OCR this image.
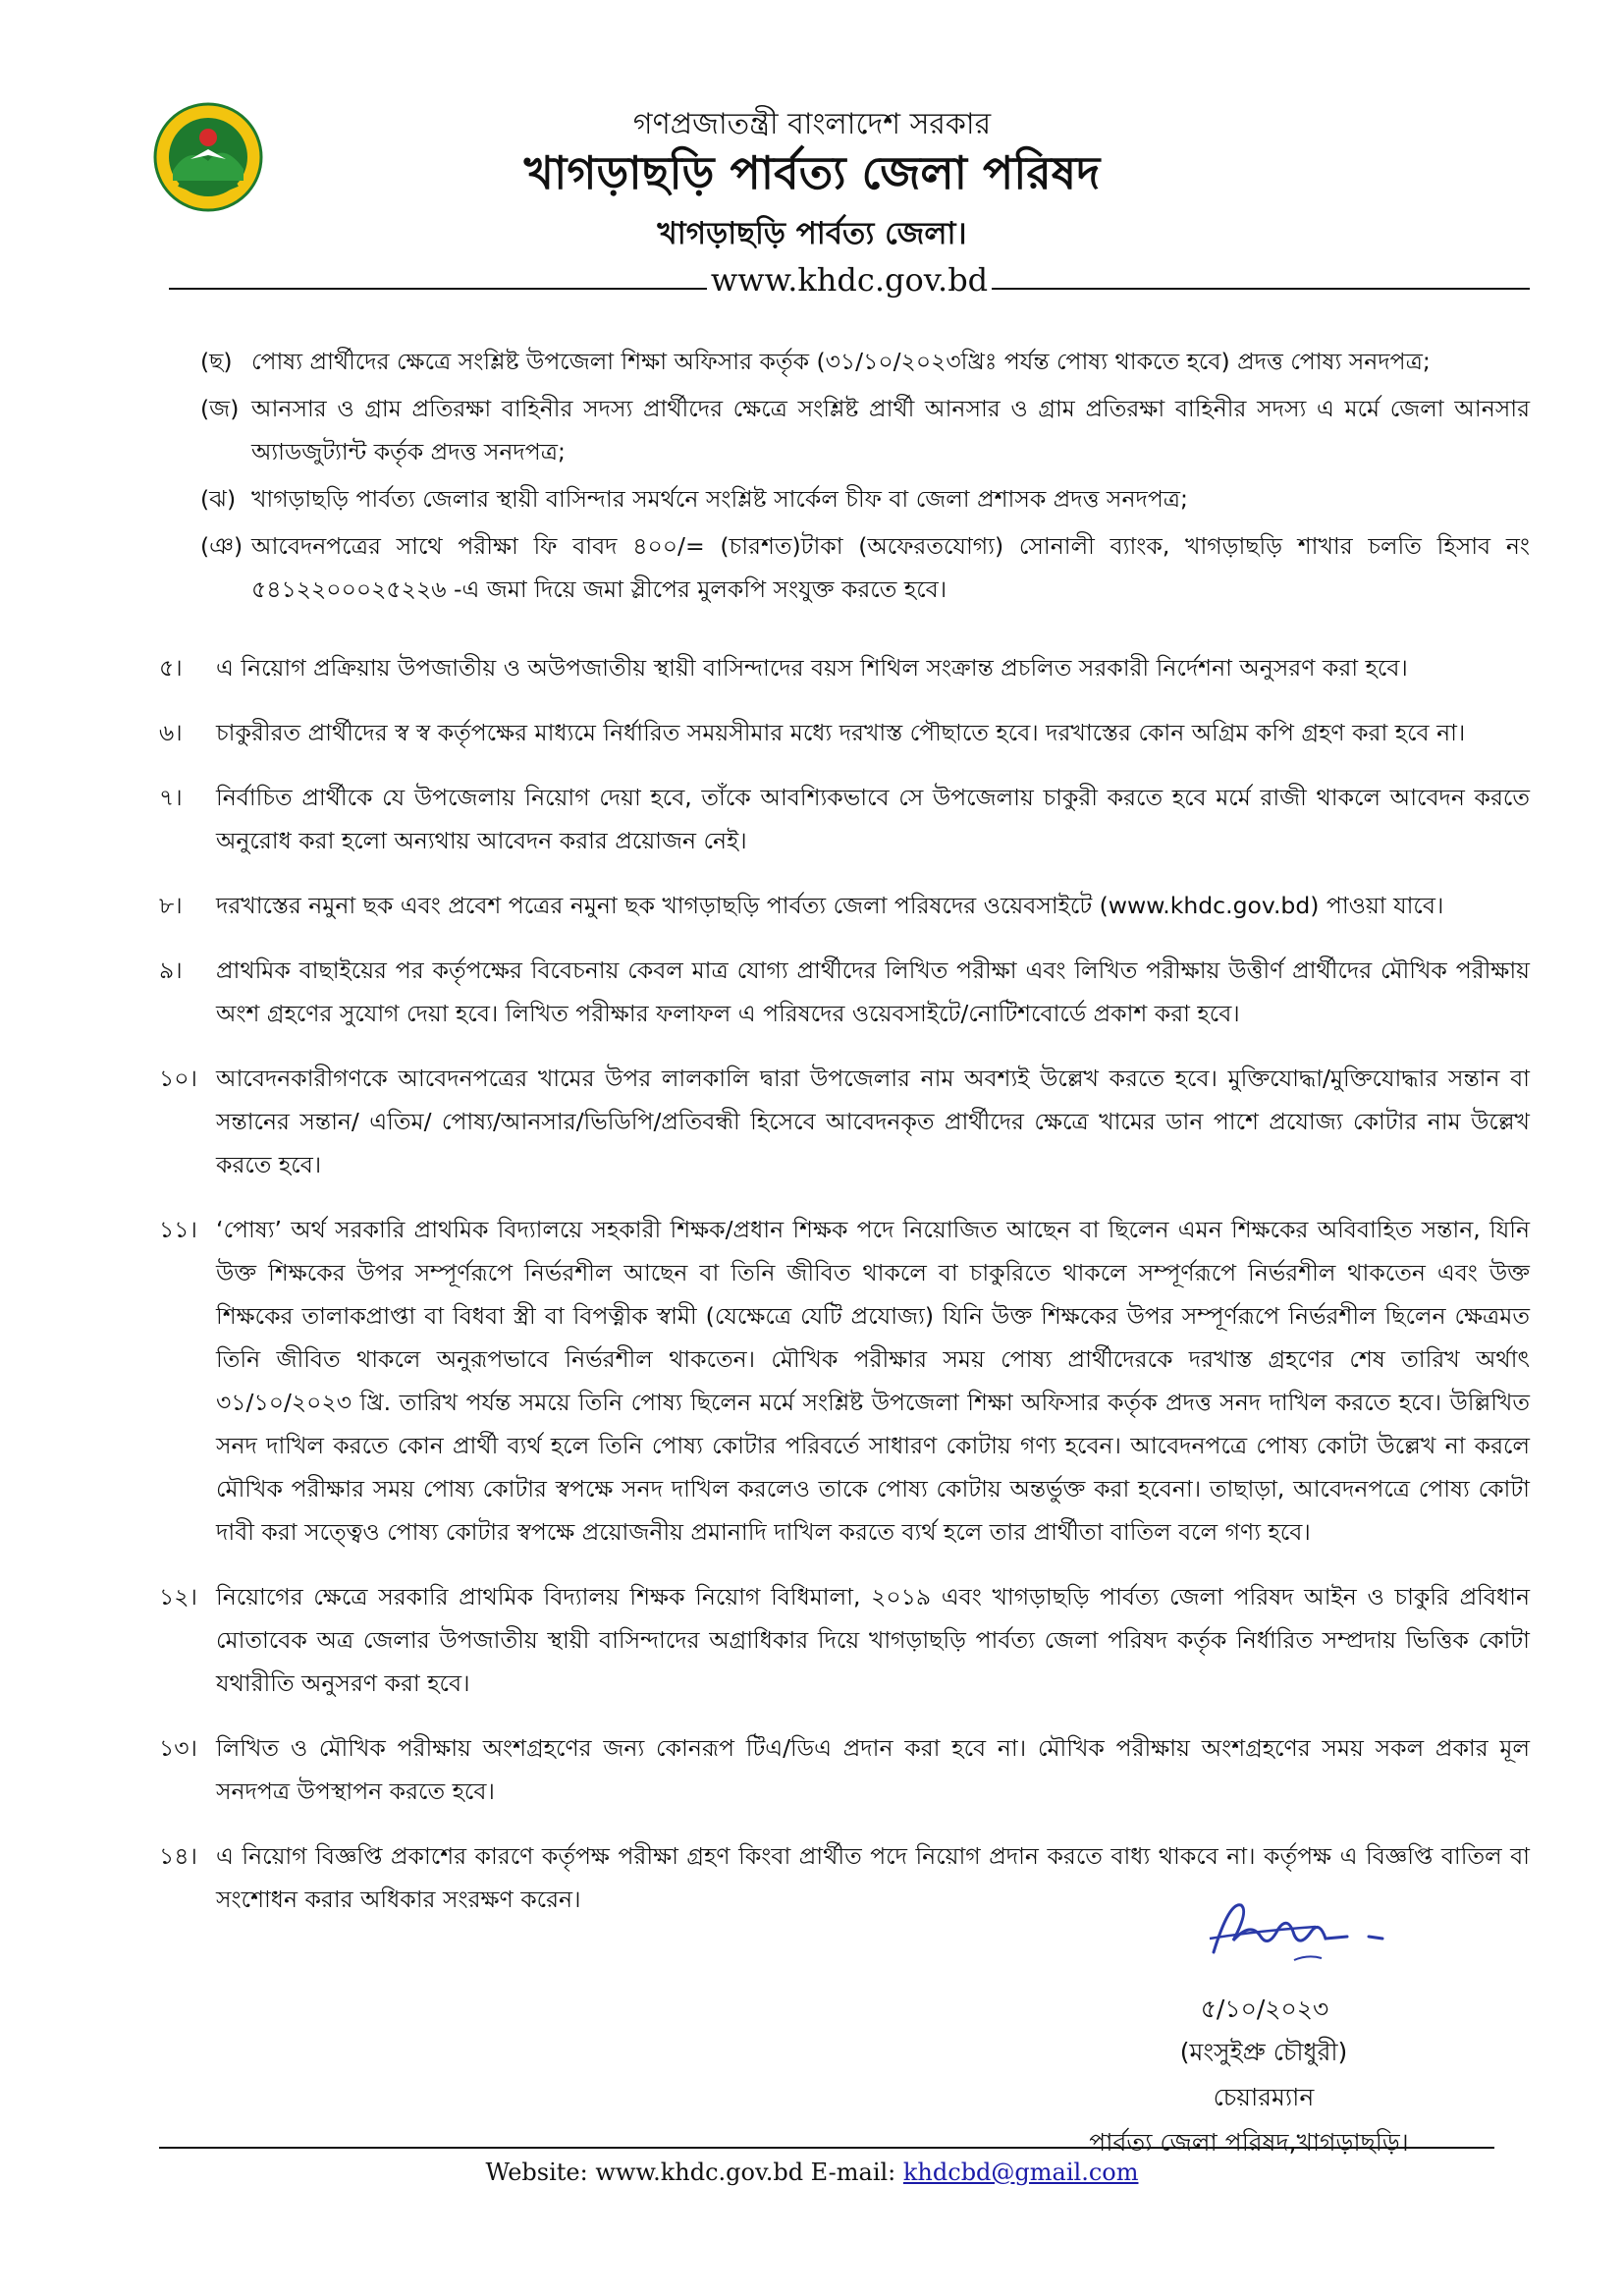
গণপ্রজাতন্ত্রী বাংলাদেশ সরকার
খাগড়াছড়ি পার্বত্য জেলা পরিষদ
খাগড়াছড়ি পার্বত্য জেলা।
www.khdc.gov.bd
(ছ) পোষ্য প্রার্থীদের ক্ষেত্রে সংশ্লিষ্ট উপজেলা শিক্ষা অফিসার কর্তৃক (৩১/১০/২০২৩খ্রিঃ পর্যন্ত পোষ্য থাকতে হবে) প্রদত্ত পোষ্য সনদপত্র;
(জ) আনসার ও গ্রাম প্রতিরক্ষা বাহিনীর সদস্য প্রার্থীদের ক্ষেত্রে সংশ্লিষ্ট প্রার্থী আনসার ও গ্রাম প্রতিরক্ষা বাহিনীর সদস্য এ মর্মে জেলা আনসার অ্যাডজুট্যান্ট কর্তৃক প্রদত্ত সনদপত্র;
(ঝ) খাগড়াছড়ি পার্বত্য জেলার স্থায়ী বাসিন্দার সমর্থনে সংশ্লিষ্ট সার্কেল চীফ বা জেলা প্রশাসক প্রদত্ত সনদপত্র;
(ঞ) আবেদনপত্রের সাথে পরীক্ষা ফি বাবদ ৪০০/= (চারশত)টাকা (অফেরতযোগ্য) সোনালী ব্যাংক, খাগড়াছড়ি শাখার চলতি হিসাব নং ৫৪১২২০০০২৫২২৬ -এ জমা দিয়ে জমা স্লীপের মুলকপি সংযুক্ত করতে হবে।
৫। এ নিয়োগ প্রক্রিয়ায় উপজাতীয় ও অউপজাতীয় স্থায়ী বাসিন্দাদের বয়স শিথিল সংক্রান্ত প্রচলিত সরকারী নির্দেশনা অনুসরণ করা হবে।
৬। চাকুরীরত প্রার্থীদের স্ব স্ব কর্তৃপক্ষের মাধ্যমে নির্ধারিত সময়সীমার মধ্যে দরখাস্ত পৌছাতে হবে। দরখাস্তের কোন অগ্রিম কপি গ্রহণ করা হবে না।
৭। নির্বাচিত প্রার্থীকে যে উপজেলায় নিয়োগ দেয়া হবে, তাঁকে আবশ্যিকভাবে সে উপজেলায় চাকুরী করতে হবে মর্মে রাজী থাকলে আবেদন করতে অনুরোধ করা হলো অন্যথায় আবেদন করার প্রয়োজন নেই।
৮। দরখাস্তের নমুনা ছক এবং প্রবেশ পত্রের নমুনা ছক খাগড়াছড়ি পার্বত্য জেলা পরিষদের ওয়েবসাইটে (www.khdc.gov.bd) পাওয়া যাবে।
৯। প্রাথমিক বাছাইয়ের পর কর্তৃপক্ষের বিবেচনায় কেবল মাত্র যোগ্য প্রার্থীদের লিখিত পরীক্ষা এবং লিখিত পরীক্ষায় উত্তীর্ণ প্রার্থীদের মৌখিক পরীক্ষায় অংশ গ্রহণের সুযোগ দেয়া হবে। লিখিত পরীক্ষার ফলাফল এ পরিষদের ওয়েবসাইটে/নোটিশবোর্ডে প্রকাশ করা হবে।
১০। আবেদনকারীগণকে আবেদনপত্রের খামের উপর লালকালি দ্বারা উপজেলার নাম অবশ্যই উল্লেখ করতে হবে। মুক্তিযোদ্ধা/মুক্তিযোদ্ধার সন্তান বা সন্তানের সন্তান/ এতিম/ পোষ্য/আনসার/ভিডিপি/প্রতিবন্ধী হিসেবে আবেদনকৃত প্রার্থীদের ক্ষেত্রে খামের ডান পাশে প্রযোজ্য কোটার নাম উল্লেখ করতে হবে।
১১। ‘পোষ্য’ অর্থ সরকারি প্রাথমিক বিদ্যালয়ে সহকারী শিক্ষক/প্রধান শিক্ষক পদে নিয়োজিত আছেন বা ছিলেন এমন শিক্ষকের অবিবাহিত সন্তান, যিনি উক্ত শিক্ষকের উপর সম্পূর্ণরূপে নির্ভরশীল আছেন বা তিনি জীবিত থাকলে বা চাকুরিতে থাকলে সম্পূর্ণরূপে নির্ভরশীল থাকতেন এবং উক্ত শিক্ষকের তালাকপ্রাপ্তা বা বিধবা স্ত্রী বা বিপত্নীক স্বামী (যেক্ষেত্রে যেটি প্রযোজ্য) যিনি উক্ত শিক্ষকের উপর সম্পূর্ণরূপে নির্ভরশীল ছিলেন ক্ষেত্রমত তিনি জীবিত থাকলে অনুরূপভাবে নির্ভরশীল থাকতেন। মৌখিক পরীক্ষার সময় পোষ্য প্রার্থীদেরকে দরখাস্ত গ্রহণের শেষ তারিখ অর্থাৎ ৩১/১০/২০২৩ খ্রি. তারিখ পর্যন্ত সময়ে তিনি পোষ্য ছিলেন মর্মে সংশ্লিষ্ট উপজেলা শিক্ষা অফিসার কর্তৃক প্রদত্ত সনদ দাখিল করতে হবে। উল্লিখিত সনদ দাখিল করতে কোন প্রার্থী ব্যর্থ হলে তিনি পোষ্য কোটার পরিবর্তে সাধারণ কোটায় গণ্য হবেন। আবেদনপত্রে পোষ্য কোটা উল্লেখ না করলে মৌখিক পরীক্ষার সময় পোষ্য কোটার স্বপক্ষে সনদ দাখিল করলেও তাকে পোষ্য কোটায় অন্তর্ভুক্ত করা হবেনা। তাছাড়া, আবেদনপত্রে পোষ্য কোটা দাবী করা সত্ত্বেও পোষ্য কোটার স্বপক্ষে প্রয়োজনীয় প্রমানাদি দাখিল করতে ব্যর্থ হলে তার প্রার্থীতা বাতিল বলে গণ্য হবে।
১২। নিয়োগের ক্ষেত্রে সরকারি প্রাথমিক বিদ্যালয় শিক্ষক নিয়োগ বিধিমালা, ২০১৯ এবং খাগড়াছড়ি পার্বত্য জেলা পরিষদ আইন ও চাকুরি প্রবিধান মোতাবেক অত্র জেলার উপজাতীয় স্থায়ী বাসিন্দাদের অগ্রাধিকার দিয়ে খাগড়াছড়ি পার্বত্য জেলা পরিষদ কর্তৃক নির্ধারিত সম্প্রদায় ভিত্তিক কোটা যথারীতি অনুসরণ করা হবে।
১৩। লিখিত ও মৌখিক পরীক্ষায় অংশগ্রহণের জন্য কোনরূপ টিএ/ডিএ প্রদান করা হবে না। মৌখিক পরীক্ষায় অংশগ্রহণের সময় সকল প্রকার মূল সনদপত্র উপস্থাপন করতে হবে।
১৪। এ নিয়োগ বিজ্ঞপ্তি প্রকাশের কারণে কর্তৃপক্ষ পরীক্ষা গ্রহণ কিংবা প্রার্থীত পদে নিয়োগ প্রদান করতে বাধ্য থাকবে না। কর্তৃপক্ষ এ বিজ্ঞপ্তি বাতিল বা সংশোধন করার অধিকার সংরক্ষণ করেন।
৫/১০/২০২৩
(মংসুইপ্রু চৌধুরী)
চেয়ারম্যান
পার্বত্য জেলা পরিষদ,খাগড়াছড়ি।
Website: www.khdc.gov.bd E-mail: khdcbd@gmail.com
